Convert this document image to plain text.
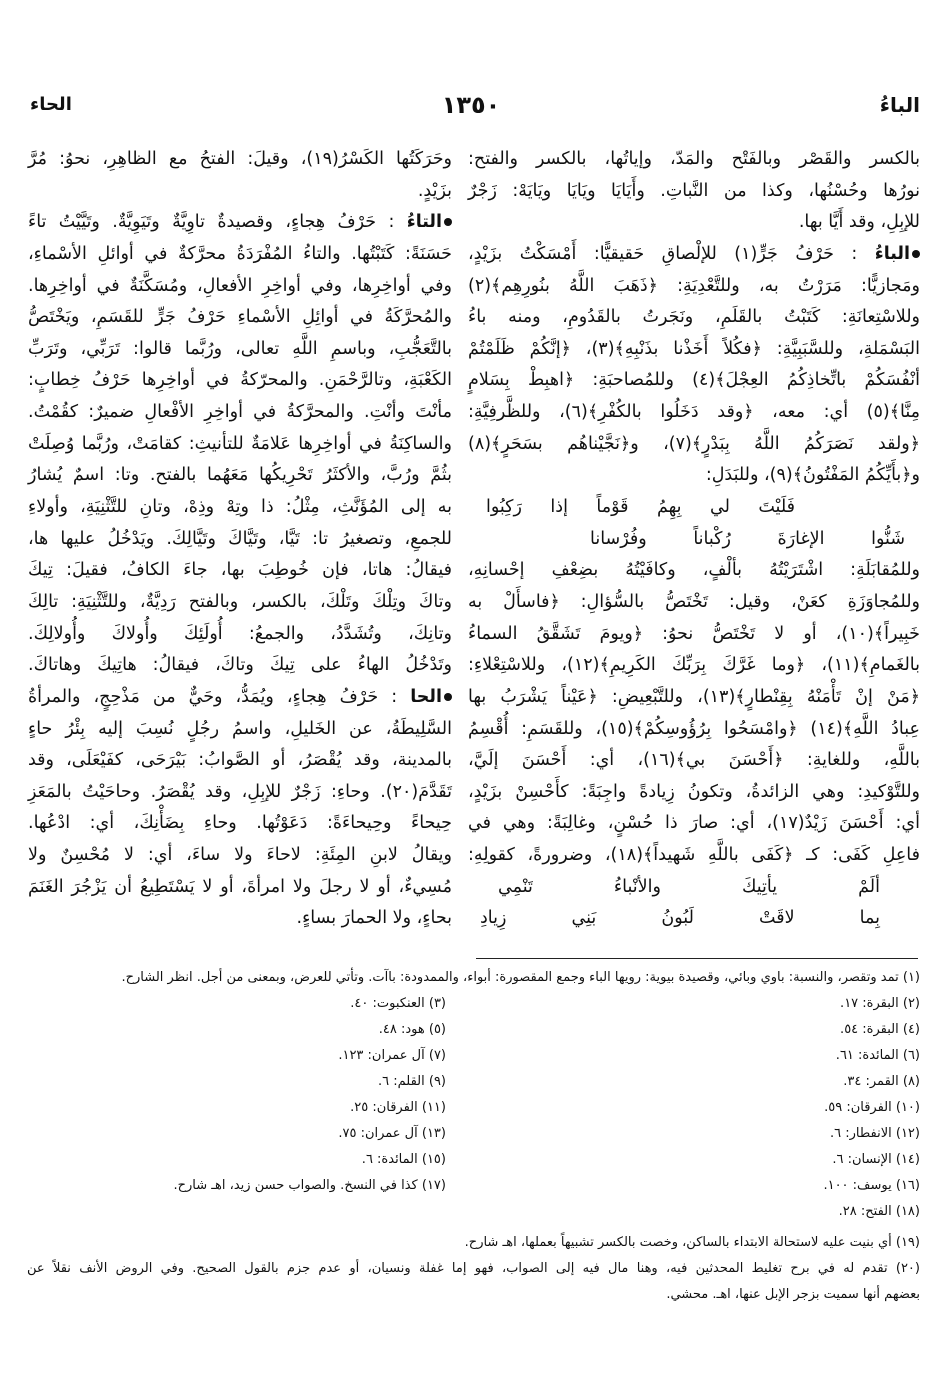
١٣٥٠	الباءُ
الحاء
بالكسر والقَصْر وبالفَتْح والمَدّ، وإياتُها، بالكسر والفتح:
نورُها وحُسْنُها، وكذا من النَّباتِ. وأَيَايَا ويَايَا ويَايَهْ: زَجْرٌ
للإبِلِ، وقد أَيَّا بها.
الباءُ : حَرْفُ جَرٍّ(١) للإلْصاقِ حَقيقيًّا: أَمْسَكْتُ بزَيْدٍ،
ومَجازيًّا: مَرَرْتُ به، وللتَّعْدِيَةِ: ﴿ذَهَبَ اللَّهُ بنُورِهِم﴾(٢)
وللاسْتِعانَةِ: كَتَبْتُ بالقَلَمِ، ونَجَرتُ بالقَدُومِ، ومنه باءُ
البَسْمَلةِ، وللسَّبَبِيَّةِ: ﴿فكُلاً أَخَذْنا بذَنْبِهِ﴾(٣)، ﴿إنَّكُمْ ظَلَمْتُمْ
أنْفُسَكُمْ باتِّخاذِكُمُ العِجْلَ﴾(٤) وللمُصاحبَةِ: ﴿اهبِطْ بِسَلامٍ
مِنَّا﴾(٥) أي: معه، ﴿وقد دَخَلُوا بالكُفْرِ﴾(٦)، وللظَّرفِيَّةِ:
﴿ولقد نَصَرَكُمُ اللَّهُ بِبَدْرٍ﴾(٧)، و﴿نَجَّيْناهُم بسَحَرٍ﴾(٨)
و﴿بأَيِّكُمُ المَفْتُونُ﴾(٩)، وللبَدَلِ:
فَلَيْتَ لي بِهِمُ قَوْماً إذا رَكِبُوا
شَنُّوا الإغارَةَ رُكْباناً وفُرْسانا
وللمُقابَلَةِ: اشْتَرَيْتُهُ بألْفٍ، وكافَيْتُهُ بضِعْفِ إحْسانِهِ،
وللمُجاوَزَةِ كعَنْ، وقيل: تَخْتَصُّ بالسُّؤالِ: ﴿فاسأَلْ به
خَبِيراً﴾(١٠)، أو لا تَخْتَصُّ نحوُ: ﴿ويومَ تَشَقَّقُ السماءُ
بالغَمامِ﴾(١١)، ﴿وما غَرَّكَ بِرَبِّكَ الكَرِيمِ﴾(١٢)، وللاسْتِعْلاءِ:
﴿مَنْ إنْ تَأْمَنْهُ بِقِنْطارٍ﴾(١٣)، وللتَّبْعِيضِ: ﴿عَيْناً يَشْرَبُ بها
عِبادُ اللَّهِ﴾(١٤) ﴿وامْسَحُوا بِرُؤُوسِكُمْ﴾(١٥)، وللقَسَمِ: أُقْسِمُ
باللَّهِ، وللغايةِ: ﴿أَحْسَنَ بي﴾(١٦)، أي: أَحْسَنَ إلَيَّ،
وللتَّوْكيدِ: وهي الزائدةُ، وتكونُ زِيادةً واجِبَةً: كأَحْسِنْ بزَيْدٍ،
أي: أَحْسَنَ زَيْدٌ(١٧)، أي: صارَ ذا حُسْنٍ، وغالِبَةً: وهي في
فاعِلِ كَفَى: كـ ﴿كَفَى باللَّهِ شَهيداً﴾(١٨)، وضرورةً، كقولِهِ:
ألَمْ يأتِيكَ والأنْباءُ تَنْمِي
بِما لاقَتْ لَبُونُ بَنِي زِيادِ
وحَرَكَتُها الكَسْرُ(١٩)، وقيلَ: الفتحُ مع الظاهِرِ، نحوُ: مُرَّ
بزَيْدٍ.
التاءُ : حَرْفُ هِجاءٍ، وقصيدةٌ تاوِيَّةٌ وتَيَوِيَّةٌ. وتَيَّيْتُ تاءً
حَسَنَةً: كَتَبْتُها. والتاءُ المُفْرَدَةُ محرَّكةٌ في أوائلِ الأسْماءِ،
وفي أواخِرِها، وفي أواخِرِ الأفعالِ، ومُسَكَّنَةٌ في أواخِرِها.
والمُحرَّكَةُ في أوائِلِ الأسْماءِ حَرْفُ جَرٍّ للقَسَمِ، ويَخْتَصُّ
بالتَّعَجُّبِ، وباسمِ اللَّهِ تعالى، ورُبَّما قالوا: تَرَبِّي، وتَرَبِّ
الكَعْبَةِ، وتالرَّحْمَنِ. والمحرّكةُ في أواخِرِها حَرْفُ خِطابٍ:
مأنْتَ وأنْتِ. والمحرَّكةُ في أواخِرِ الأفْعالِ ضميرٌ: كقُمْتُ.
والساكِنَةُ في أواخِرِها عَلامَةٌ للتأنيثِ: كقامَتْ، ورُبَّما وُصِلَتْ
بثُمَّ ورُبَّ، والأكثَرُ تَحْرِيكُها مَعَهُما بالفتح. وتا: اسمٌ يُشارُ
به إلى المُؤَنَّثِ، مِثْلُ: ذا وتِهْ وذِهْ، وتانِ للتَّثْنِيَةِ، وأولاءِ
للجمعِ، وتصغيرُ تا: تَيَّا، وتَيَّاكَ وتَيَّالِكَ. ويَدْخُلُ عليها ها،
فيقالُ: هاتا، فإن خُوطِبَ بها، جاءَ الكافُ، فقيلَ: تِيكَ
وتاكَ وتِلْكَ وتَلْكَ، بالكسر، وبالفتح رَدِيَّةٌ، وللتَّثْنِيَةِ: تالِكَ
وتانِكَ، وتُشَدَّدُ، والجمعُ: أُولَئِكَ وأُولاكَ وأُولالِكَ.
وتَدْخُلُ الهاءُ على تِيكَ وتاكَ، فيقالُ: هاتِيكَ وهاتاكَ.
الحا : حَرْفُ هِجاءٍ، ويُمَدُّ، وحَيٌّ من مَذْحِجٍ، والمرأةُ
السَّلِيطَةُ، عن الخَليلِ، واسمُ رجُلٍ نُسِبَ إليه بِئْرُ حاءٍ
بالمدينة، وقد يُقْصَرُ، أو الصَّوابُ: بَيْرَحَى، كفَيْعَلَى، وقد
تَقَدَّمَ(٢٠). وحاءِ: زَجْرٌ للإبِلِ، وقد يُقْصَرُ. وحاحَيْتُ بالمَعَزِ
حِيحاءً وحِيحاءَةً: دَعَوْتُها. وحاءِ بِضَأْنِكَ، أي: ادْعُها.
ويقالُ لابنِ المِئَةِ: لاحاءَ ولا ساءَ، أي: لا مُحْسِنٌ ولا
مُسِيءٌ، أو لا رجلَ ولا امرأةَ، أو لا يَسْتَطِيعُ أن يَزْجُرَ الغَنَمَ
بحاءٍ، ولا الحمارَ بساءٍ.
(١) تمد وتقصر، والنسبة: باوي وبائي، وقصيدة بيوية: رويها الباء وجمع المقصورة: أبواء، والممدودة: باآت. وتأتي للعرض، وبمعنى من أجل. انظر الشارح.
(٢) البقرة: ١٧.
(٣) العنكبوت: ٤٠.
(٤) البقرة: ٥٤.
(٥) هود: ٤٨.
(٦) المائدة: ٦١.
(٧) آل عمران: ١٢٣.
(٨) القمر: ٣٤.
(٩) القلم: ٦.
(١٠) الفرقان: ٥٩.
(١١) الفرقان: ٢٥.
(١٢) الانفطار: ٦.
(١٣) آل عمران: ٧٥.
(١٤) الإنسان: ٦.
(١٥) المائدة: ٦.
(١٦) يوسف: ١٠٠.
(١٧) كذا في النسخ. والصواب حسن زيد، اهـ شارح.
(١٨) الفتح: ٢٨.
(١٩) أي بنيت عليه لاستحالة الابتداء بالساكن، وخصت بالكسر تشبيهاً بعملها، اهـ شارح.
(٢٠) تقدم له في برح تغليط المحدثين فيه، وهنا مال فيه إلى الصواب، فهو إما غفلة ونسيان، أو عدم جزم بالقول الصحيح. وفي الروض الأنف نقلاً عن
بعضهم أنها سميت بزجر الإبل عنها، اهـ. محشي.
